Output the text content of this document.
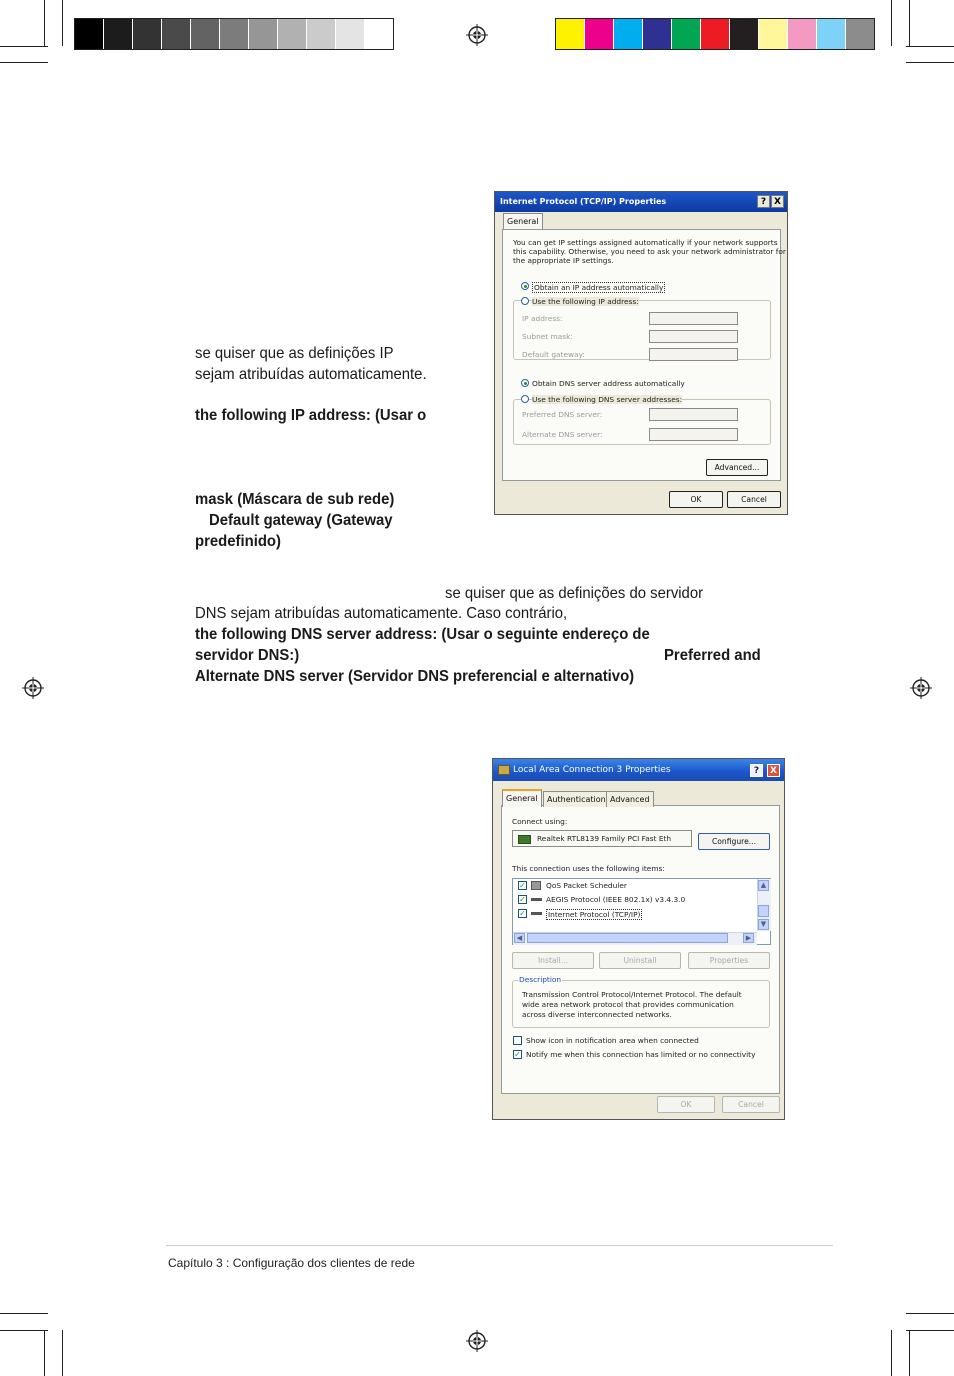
se quiser que as definições IP
sejam atribuídas automaticamente.
the following IP address: (Usar o
mask (Máscara de sub rede)
Default gateway (Gateway
predefinido)
se quiser que as definições do servidor
DNS sejam atribuídas automaticamente. Caso contrário,
the following DNS server address: (Usar o seguinte endereço de
servidor DNS:)	Preferred and
Alternate DNS server (Servidor DNS preferencial e alternativo)
Internet Protocol (TCP/IP) Properties	? X
General
You can get IP settings assigned automatically if your network supports
this capability. Otherwise, you need to ask your network administrator for
the appropriate IP settings.
Obtain an IP address automatically
Use the following IP address:
IP address:
Subnet mask:
Default gateway:
Obtain DNS server address automatically
Use the following DNS server addresses:
Preferred DNS server:
Alternate DNS server:
Advanced...
OK	Cancel
Local Area Connection 3 Properties	?	X
General	Authentication Advanced
Connect using:
Realtek RTL8139 Family PCI Fast Eth	Configure...
This connection uses the following items:
✓	QoS Packet Scheduler
✓	AEGIS Protocol (IEEE 802.1x) v3.4.3.0
✓	Internet Protocol (TCP/IP)
▲
▼
◀	▶
Install...	Uninstall	Properties
Description
Transmission Control Protocol/Internet Protocol. The default
wide area network protocol that provides communication
across diverse interconnected networks.
Show icon in notification area when connected
✓ Notify me when this connection has limited or no connectivity
OK	Cancel
Capítulo 3 : Configuração dos clientes de rede
